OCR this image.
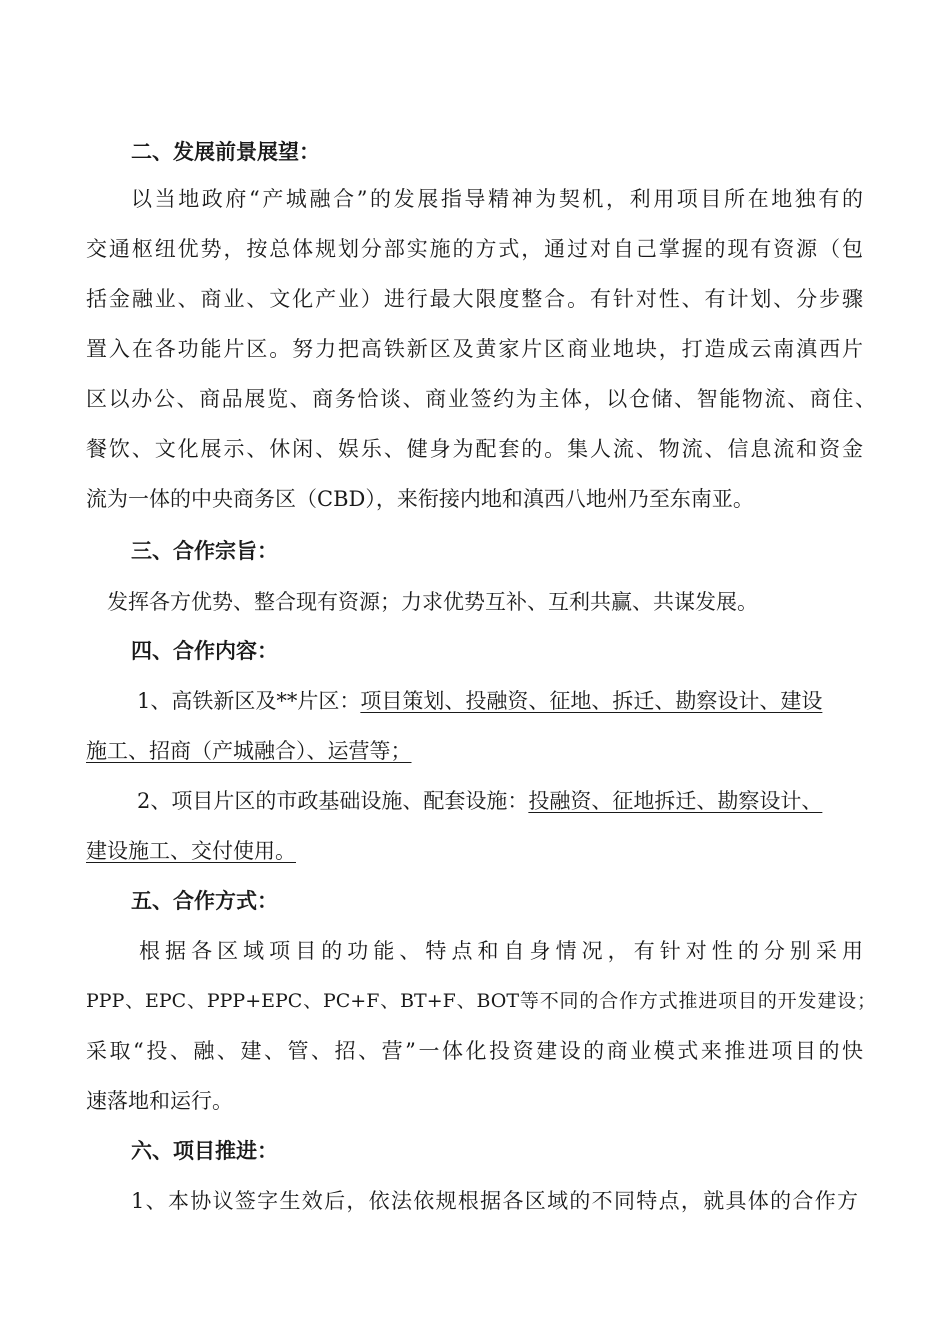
二、发展前景展望：
以当地政府“产城融合”的发展指导精神为契机，利用项目所在地独有的
交通枢纽优势，按总体规划分部实施的方式，通过对自己掌握的现有资源（包
括金融业、商业、文化产业）进行最大限度整合。有针对性、有计划、分步骤
置入在各功能片区。努力把高铁新区及黄家片区商业地块，打造成云南滇西片
区以办公、商品展览、商务恰谈、商业签约为主体，以仓储、智能物流、商住、
餐饮、文化展示、休闲、娱乐、健身为配套的。集人流、物流、信息流和资金
流为一体的中央商务区（CBD），来衔接内地和滇西八地州乃至东南亚。
三、合作宗旨：
发挥各方优势、整合现有资源；力求优势互补、互利共赢、共谋发展。
四、合作内容：
1、高铁新区及**片区：项目策划、投融资、征地、拆迁、勘察设计、建设
施工、招商（产城融合）、运营等；
2、项目片区的市政基础设施、配套设施：投融资、征地拆迁、勘察设计、
建设施工、交付使用。
五、合作方式：
根据各区域项目的功能、特点和自身情况，有针对性的分别采用
PPP、EPC、PPP+EPC、PC+F、BT+F、BOT等不同的合作方式推进项目的开发建设；
采取“投、融、建、管、招、营”一体化投资建设的商业模式来推进项目的快
速落地和运行。
六、项目推进：
1、本协议签字生效后，依法依规根据各区域的不同特点，就具体的合作方
